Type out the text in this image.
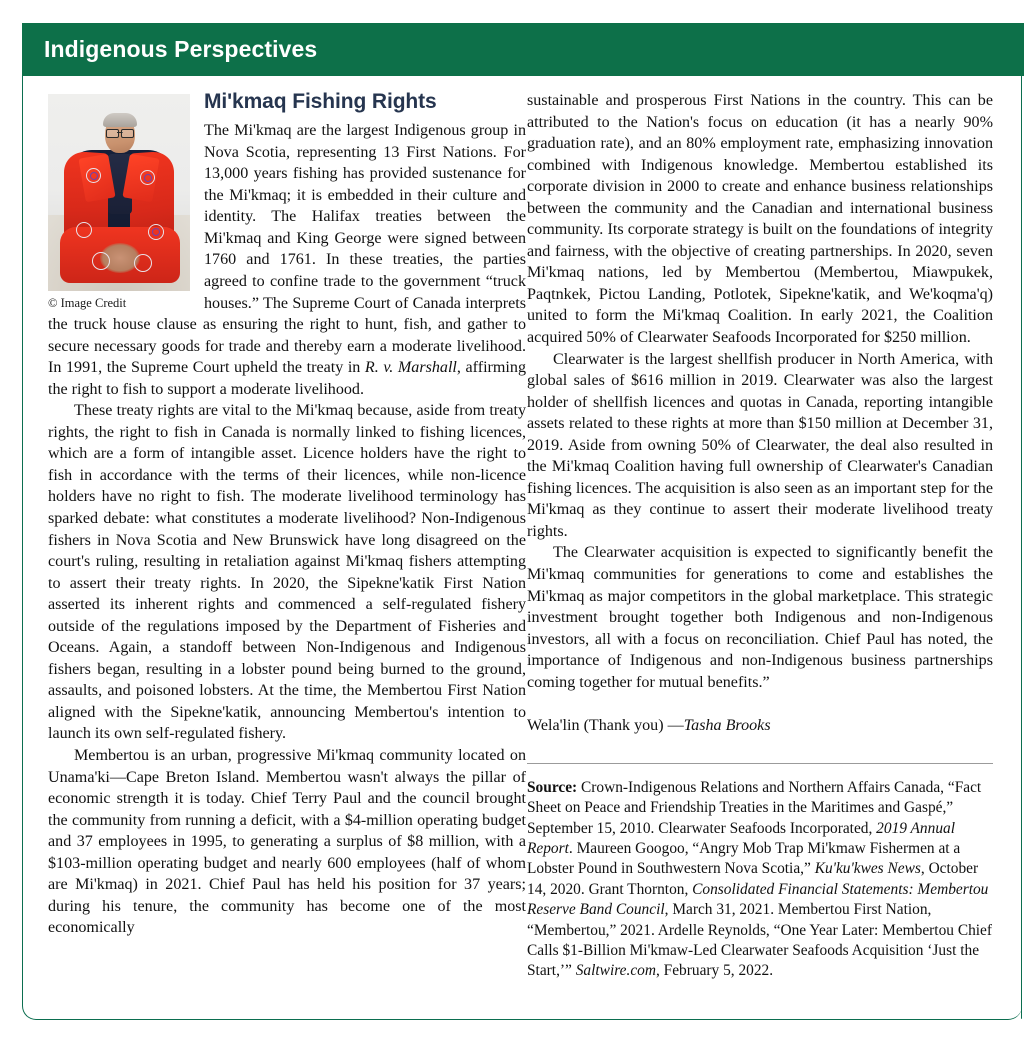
Indigenous Perspectives
© Image Credit
Mi'kmaq Fishing Rights

The Mi'kmaq are the largest Indigenous group in Nova Scotia, representing 13 First Nations. For 13,000 years fishing has provided sustenance for the Mi'kmaq; it is embedded in their culture and identity. The Halifax treaties between the Mi'kmaq and King George were signed between 1760 and 1761. In these treaties, the parties agreed to confine trade to the government “truck houses.” The Supreme Court of Canada interprets the truck house clause as ensuring the right to hunt, fish, and gather to secure necessary goods for trade and thereby earn a moderate livelihood. In 1991, the Supreme Court upheld the treaty in R. v. Marshall, affirming the right to fish to support a moderate livelihood.

These treaty rights are vital to the Mi'kmaq because, aside from treaty rights, the right to fish in Canada is normally linked to fishing licences, which are a form of intangible asset. Licence holders have the right to fish in accordance with the terms of their licences, while non-licence holders have no right to fish. The moderate livelihood terminology has sparked debate: what constitutes a moderate livelihood? Non-Indigenous fishers in Nova Scotia and New Brunswick have long disagreed on the court's ruling, resulting in retaliation against Mi'kmaq fishers attempting to assert their treaty rights. In 2020, the Sipekne'katik First Nation asserted its inherent rights and commenced a self-regulated fishery outside of the regulations imposed by the Department of Fisheries and Oceans. Again, a standoff between Non-Indigenous and Indigenous fishers began, resulting in a lobster pound being burned to the ground, assaults, and poisoned lobsters. At the time, the Membertou First Nation aligned with the Sipekne'katik, announcing Membertou's intention to launch its own self-regulated fishery.

Membertou is an urban, progressive Mi'kmaq community located on Unama'ki—Cape Breton Island. Membertou wasn't always the pillar of economic strength it is today. Chief Terry Paul and the council brought the community from running a deficit, with a $4-million operating budget and 37 employees in 1995, to generating a surplus of $8 million, with a $103-million operating budget and nearly 600 employees (half of whom are Mi'kmaq) in 2021. Chief Paul has held his position for 37 years; during his tenure, the community has become one of the most economically

sustainable and prosperous First Nations in the country. This can be attributed to the Nation's focus on education (it has a nearly 90% graduation rate), and an 80% employment rate, emphasizing innovation combined with Indigenous knowledge. Membertou established its corporate division in 2000 to create and enhance business relationships between the community and the Canadian and international business community. Its corporate strategy is built on the foundations of integrity and fairness, with the objective of creating partnerships. In 2020, seven Mi'kmaq nations, led by Membertou (Membertou, Miawpukek, Paqtnkek, Pictou Landing, Potlotek, Sipekne'katik, and We'koqma'q) united to form the Mi'kmaq Coalition. In early 2021, the Coalition acquired 50% of Clearwater Seafoods Incorporated for $250 million.

Clearwater is the largest shellfish producer in North America, with global sales of $616 million in 2019. Clearwater was also the largest holder of shellfish licences and quotas in Canada, reporting intangible assets related to these rights at more than $150 million at December 31, 2019. Aside from owning 50% of Clearwater, the deal also resulted in the Mi'kmaq Coalition having full ownership of Clearwater's Canadian fishing licences. The acquisition is also seen as an important step for the Mi'kmaq as they continue to assert their moderate livelihood treaty rights.

The Clearwater acquisition is expected to significantly benefit the Mi'kmaq communities for generations to come and establishes the Mi'kmaq as major competitors in the global marketplace. This strategic investment brought together both Indigenous and non-Indigenous investors, all with a focus on reconciliation. Chief Paul has noted, the importance of Indigenous and non-Indigenous business partnerships coming together for mutual benefits.”

Wela'lin (Thank you) —Tasha Brooks
Source: Crown-Indigenous Relations and Northern Affairs Canada, “Fact Sheet on Peace and Friendship Treaties in the Maritimes and Gaspé,” September 15, 2010. Clearwater Seafoods Incorporated, 2019 Annual Report. Maureen Googoo, “Angry Mob Trap Mi'kmaw Fishermen at a Lobster Pound in Southwestern Nova Scotia,” Ku'ku'kwes News, October 14, 2020. Grant Thornton, Consolidated Financial Statements: Membertou Reserve Band Council, March 31, 2021. Membertou First Nation, “Membertou,” 2021. Ardelle Reynolds, “One Year Later: Membertou Chief Calls $1-Billion Mi'kmaw-Led Clearwater Seafoods Acquisition ‘Just the Start,’” Saltwire.com, February 5, 2022.
